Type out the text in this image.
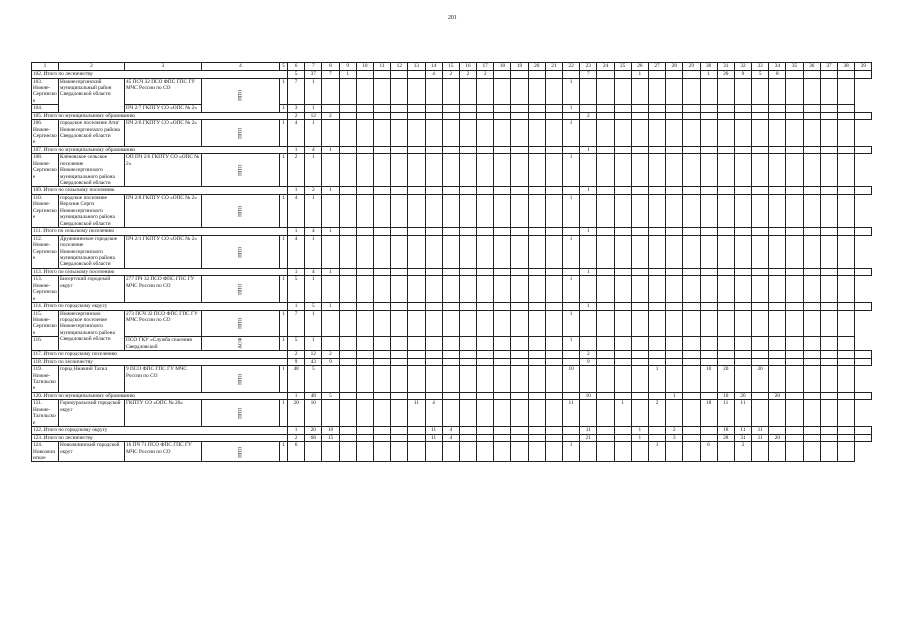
201
1	2	3	4	5	6	7	8	9	10	11	12	13	14	15	16	17	18	19	20	21	22	23	24	25	26	27	28	29	30	31	32	33	34	35	36	37	38	39
102. Итого по лесничеству					5	37	7	1					4	2	2	2						7			1				1	20	9	5	8					
103. Нижне-Сергинское	Нижнесергинский муниципальный район Свердловской области	45 ПСЧ 32 ПСО ФПС ГПС ГУ МЧС России по СО	ППО	1	7	1															1																	
104.		ПЧ 2/7 ГКПТУ СО «ОПС № 2»		1	3	1															1																	
105. Итого по муниципальному образованию					2	12	2															2																
106. Нижне-Сергинское	городское поселение Атиг Нижнесергинского района Свердловской области	ПЧ 2/6 ГКПТУ СО «ОПС № 2»	ППО	1	4	1															1																	
107. Итого по муниципальному образованию					1	4	1															1																
108. Нижне-Сергинское	Клёновское сельское поселение Нижнесергинского муниципального района Свердловской области	ОП ПЧ 2/6 ГКПТУ СО «ОПС № 2»	ППО	1	2	1															1																	
109. Итого по сельскому поселению					1	2	1															1																
110. Нижне-Сергинское	городское поселение Верхние Серги Нижнесергинского муниципального района Свердловской области	ПЧ 2/8 ГКПТУ СО «ОПС № 2»	ППО	1	4	1															1																	
111. Итого по сельскому поселению					1	4	1															1																
112. Нижне-Сергинское	Дружининское городское поселение Нижнесергинского муниципального района Свердловской области	ПЧ 2/1 ГКПТУ СО «ОПС № 2»	ППО	1	4	1															1																	
113. Итого по сельскому поселению					1	4	1															1																
113. Нижне-Сергинское	Бисертский городской округ	277 ПЧ 32 ПСО ФПС ГПС ГУ МЧС России по СО	ППО	1	5	1															1																	
114. Итого по городскому округу					1	5	1															1																
115. Нижне-Сергинское	Нижнесергинское городское поселение Нижнесергинского муниципального района Свердловской области	273 ПСЧ 32 ПСО ФПС ГПС ГУ МЧС России по СО	ППО	1	7	1															1																	
116.		ПСО ГКУ «Служба спасения Свердловской	АСФ	1	5	1															1																	
117. Итого по городскому поселению					2	12	2															2																
118. Итого по лесничеству					9	43	9															9																
119. Нижне-Тагильское	город Нижний Тагил	9 ПСО ФПС ГПС ГУ МЧС России по СО	ППО	1	48	5															10					1			10	20		20						
120. Итого по муниципальному образованию					1	48	5															10					1			10	20		20					
121. Нижне-Тагильское	Горноуральский городской округ	ГКПТУ СО «ОПС № 20»	ППО	1	20	10						11	4								11			1		2			18	11	11							
122. Итого по городскому округу					1	20	10						11	4								11			1		2			18	11	11						
123. Итого по лесничеству					2	68	15						11	4								21			1		3			28	31	11	20					
124. Новолялинское	Новолялинский городской округ	16 ПЧ 71 ПСО ФПС ГПС ГУ МЧС России по СО	ППО	1	6																1					1			6		2							
